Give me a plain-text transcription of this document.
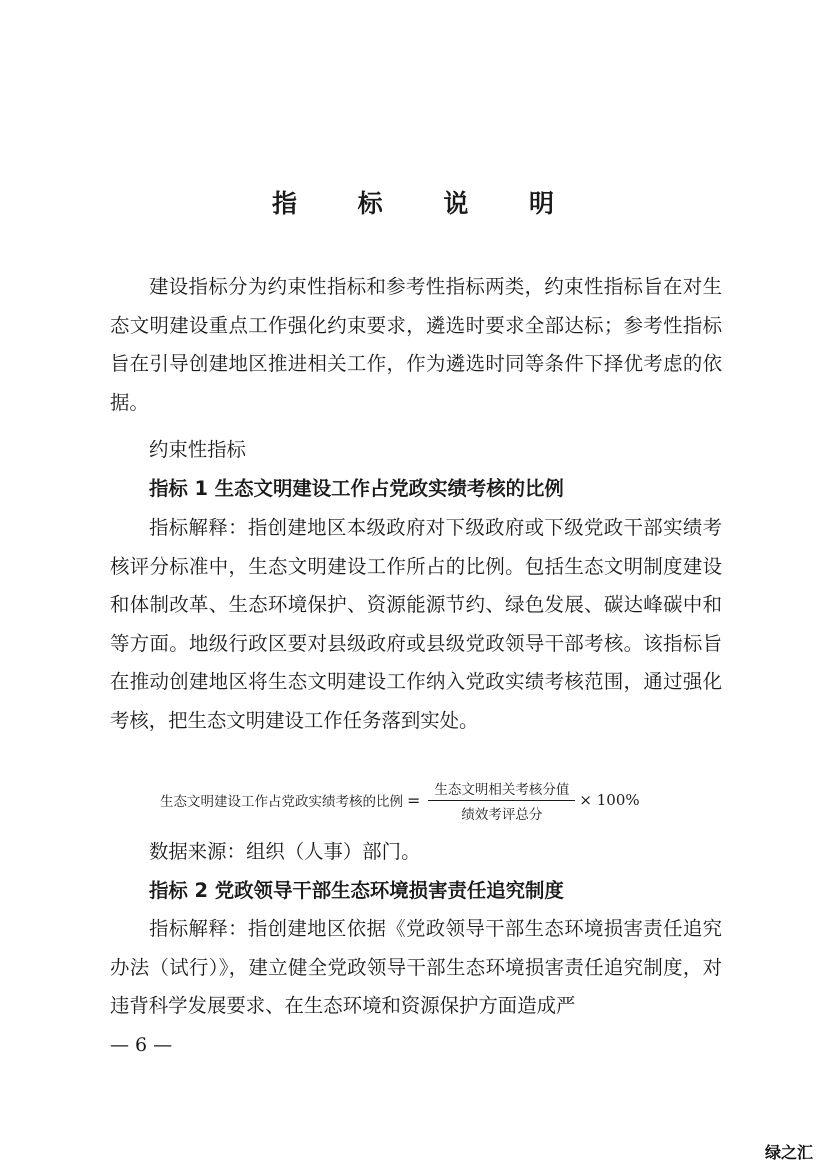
指 标 说 明
建设指标分为约束性指标和参考性指标两类，约束性指标旨在对生态文明建设重点工作强化约束要求，遴选时要求全部达标；参考性指标旨在引导创建地区推进相关工作，作为遴选时同等条件下择优考虑的依据。
约束性指标
指标 1 生态文明建设工作占党政实绩考核的比例
指标解释：指创建地区本级政府对下级政府或下级党政干部实绩考核评分标准中，生态文明建设工作所占的比例。包括生态文明制度建设和体制改革、生态环境保护、资源能源节约、绿色发展、碳达峰碳中和等方面。地级行政区要对县级政府或县级党政领导干部考核。该指标旨在推动创建地区将生态文明建设工作纳入党政实绩考核范围，通过强化考核，把生态文明建设工作任务落到实处。
生态文明建设工作占党政实绩考核的比例 = $\frac{\text{生态文明相关考核分值}}{\text{绩效考评总分}} \times 100\%$
数据来源：组织（人事）部门。
指标 2 党政领导干部生态环境损害责任追究制度
指标解释：指创建地区依据《党政领导干部生态环境损害责任追究办法（试行）》，建立健全党政领导干部生态环境损害责任追究制度，对违背科学发展要求、在生态环境和资源保护方面造成严
— 6 —
绿之汇
